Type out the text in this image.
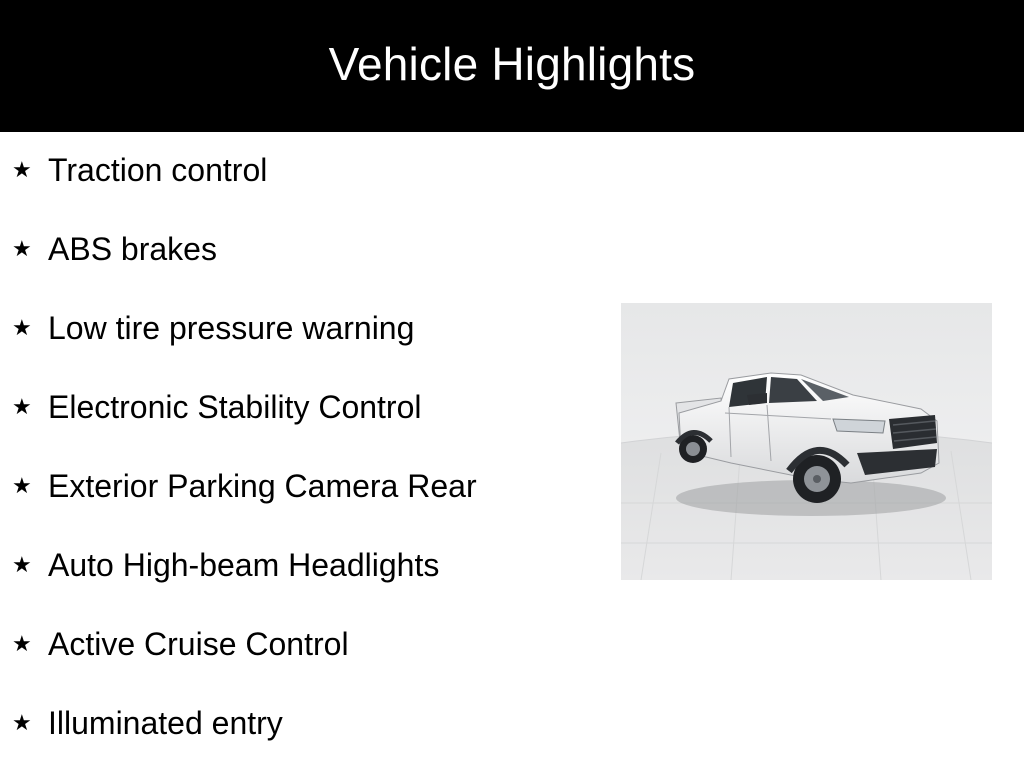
Vehicle Highlights
★ Traction control
★ ABS brakes
★ Low tire pressure warning
★ Electronic Stability Control
★ Exterior Parking Camera Rear
★ Auto High-beam Headlights
★ Active Cruise Control
★ Illuminated entry
